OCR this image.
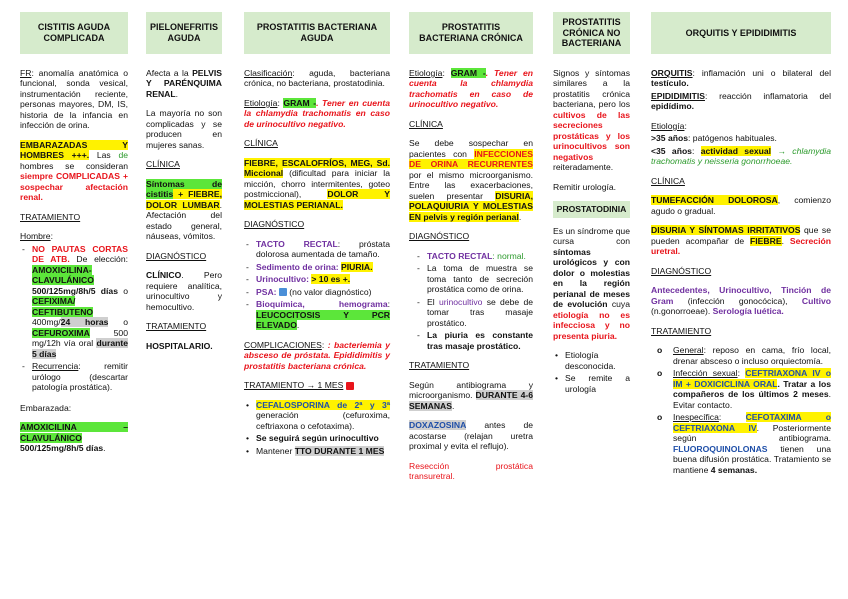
CISTITIS AGUDA COMPLICADA

FR: anomalía anatómica o funcional, sonda vesical, instrumentación reciente, personas mayores, DM, IS, historia de la infancia en infección de orina.

EMBARAZADAS Y HOMBRES +++. Las de hombres se consideran siempre COMPLICADAS + sospechar afectación renal.

TRATAMIENTO

Hombre:

- NO PAUTAS CORTAS DE ATB. De elección: AMOXICILINA-CLAVULÁNICO 500/125mg/8h/5 días o CEFIXIMA/ CEFTIBUTENO 400mg/24 horas o CEFUROXIMA 500 mg/12h vía oral durante 5 días
- Recurrencia: remitir urólogo (descartar patología prostática).

Embarazada:

AMOXICILINA – CLAVULÁNICO 500/125mg/8h/5 días.

PIELONEFRITIS AGUDA

Afecta a la PELVIS Y PARÉNQUIMA RENAL.

La mayoría no son complicadas y se producen en mujeres sanas.

CLÍNICA

Síntomas de cistitis + FIEBRE, DOLOR LUMBAR. Afectación del estado general, náuseas, vómitos.

DIAGNÓSTICO

CLÍNICO. Pero requiere analítica, urinocultivo y hemocultivo.

TRATAMIENTO

HOSPITALARIO.

PROSTATITIS BACTERIANA AGUDA

Clasificación: aguda, bacteriana crónica, no bacteriana, prostatodinia.

Etiología: GRAM -. Tener en cuenta la chlamydia trachomatis en caso de urinocultivo negativo.

CLÍNICA

FIEBRE, ESCALOFRÍOS, MEG, Sd. Miccional (dificultad para iniciar la micción, chorro intermitentes, goteo postmiccional), DOLOR Y MOLESTIAS PERIANAL.

DIAGNÓSTICO

- TACTO RECTAL: próstata dolorosa aumentada de tamaño.
- Sedimento de orina: PIURIA.
- Urinocultivo: > 10 es +.
- PSA:  (no valor diagnóstico)
- Bioquímica, hemograma: LEUCOCITOSIS Y PCR ELEVADO.

COMPLICACIONES: : bacteriemia y absceso de próstata. Epididimitis y prostatitis bacteriana crónica.

TRATAMIENTO → 1 MES

• CEFALOSPORINA de 2ª y 3ª generación (cefuroxima, ceftriaxona o cefotaxima).
• Se seguirá según urinocultivo
• Mantener TTO DURANTE 1 MES
PROSTATITIS BACTERIANA CRÓNICA

Etiología: GRAM -. Tener en cuenta la chlamydia trachomatis en caso de urinocultivo negativo.

CLÍNICA

Se debe sospechar en pacientes con INFECCIONES DE ORINA RECURRENTES por el mismo microorganismo. Entre las exacerbaciones, suelen presentar DISURIA, POLAQUIURIA Y MOLESTIAS EN pelvis y región perianal.

DIAGNÓSTICO

- TACTO RECTAL: normal.
- La toma de muestra se toma tanto de secreción prostática como de orina.
- El urinocultivo se debe de tomar tras masaje prostático.
- La piuria es constante tras masaje prostático.

TRATAMIENTO

Según antibiograma y microorganismo. DURANTE 4-6 SEMANAS.

DOXAZOSINA antes de acostarse (relajan uretra proximal y evita el reflujo).

Resección prostática transuretral.

PROSTATITIS CRÓNICA NO BACTERIANA

Signos y síntomas similares a la prostatitis crónica bacteriana, pero los cultivos de las secreciones prostáticas y los urinocultivos son negativos reiteradamente.

Remitir urología.

PROSTATODINIA

Es un síndrome que cursa con síntomas urológicos y con dolor o molestias en la región perianal de meses de evolución cuya etiología no es infecciosa y no presenta piuria.

• Etiología desconocida.
• Se remite a urología
ORQUITIS Y EPIDIDIMITIS

ORQUITIS: inflamación uni o bilateral del testículo.

EPIDIDIMITIS: reacción inflamatoria del epidídimo.

Etiología:

>35 años: patógenos habituales.

<35 años: actividad sexual → chlamydia trachomatis y neisseria gonorrhoeae.

CLÍNICA

TUMEFACCIÓN DOLOROSA, comienzo agudo o gradual.

DISURIA Y SÍNTOMAS IRRITATIVOS que se pueden acompañar de FIEBRE. Secreción uretral.

DIAGNÓSTICO

Antecedentes, Urinocultivo, Tinción de Gram (infección gonocócica), Cultivo (n.gonorroeae). Serología luética.

TRATAMIENTO

o General: reposo en cama, frío local, drenar absceso o incluso orquiectomía.
o Infección sexual: CEFTRIAXONA IV o IM + DOXICICLINA ORAL. Tratar a los compañeros de los últimos 2 meses. Evitar contacto.
o Inespecífica: CEFOTAXIMA o CEFTRIAXONA IV. Posteriormente según antibiograma. FLUOROQUINOLONAS tienen una buena difusión prostática. Tratamiento se mantiene 4 semanas.
